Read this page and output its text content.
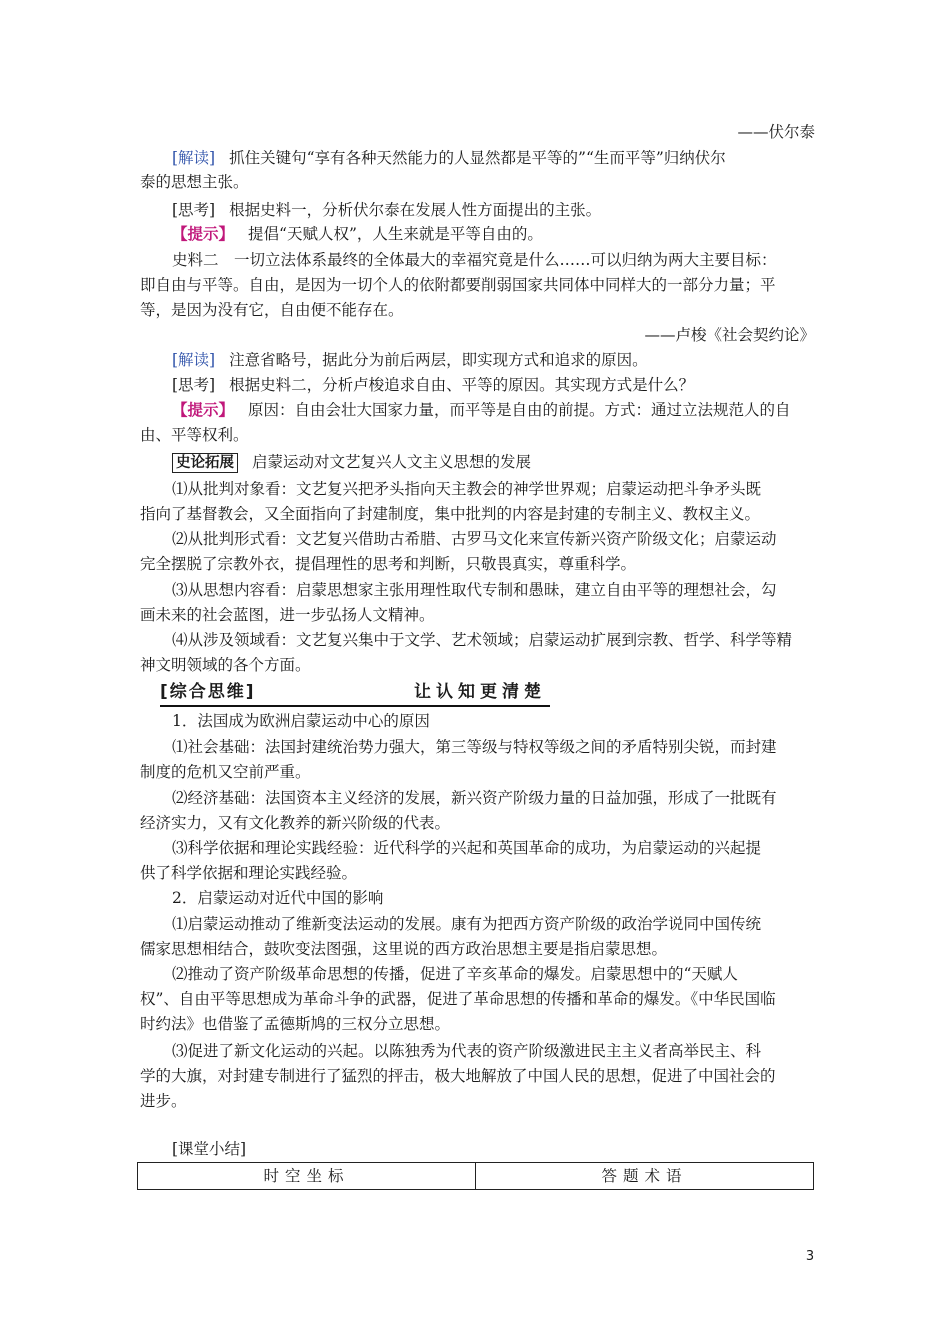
——伏尔泰
[解读] 抓住关键句“享有各种天然能力的人显然都是平等的”“生而平等”归纳伏尔
泰的思想主张。
[思考] 根据史料一，分析伏尔泰在发展人性方面提出的主张。
【提示】 提倡“天赋人权”，人生来就是平等自由的。
史料二　一切立法体系最终的全体最大的幸福究竟是什么……可以归纳为两大主要目标：
即自由与平等。自由，是因为一切个人的依附都要削弱国家共同体中同样大的一部分力量；平
等，是因为没有它，自由便不能存在。
——卢梭《社会契约论》
[解读] 注意省略号，据此分为前后两层，即实现方式和追求的原因。
[思考] 根据史料二，分析卢梭追求自由、平等的原因。其实现方式是什么？
【提示】 原因：自由会壮大国家力量，而平等是自由的前提。方式：通过立法规范人的自
由、平等权利。
史论拓展 启蒙运动对文艺复兴人文主义思想的发展
⑴从批判对象看：文艺复兴把矛头指向天主教会的神学世界观；启蒙运动把斗争矛头既
指向了基督教会，又全面指向了封建制度，集中批判的内容是封建的专制主义、教权主义。
⑵从批判形式看：文艺复兴借助古希腊、古罗马文化来宣传新兴资产阶级文化；启蒙运动
完全摆脱了宗教外衣，提倡理性的思考和判断，只敬畏真实，尊重科学。
⑶从思想内容看：启蒙思想家主张用理性取代专制和愚昧，建立自由平等的理想社会，勾
画未来的社会蓝图，进一步弘扬人文精神。
⑷从涉及领域看：文艺复兴集中于文学、艺术领域；启蒙运动扩展到宗教、哲学、科学等精
神文明领域的各个方面。
[综合思维]	让认知更清楚
1．法国成为欧洲启蒙运动中心的原因
⑴社会基础：法国封建统治势力强大，第三等级与特权等级之间的矛盾特别尖锐，而封建
制度的危机又空前严重。
⑵经济基础：法国资本主义经济的发展，新兴资产阶级力量的日益加强，形成了一批既有
经济实力，又有文化教养的新兴阶级的代表。
⑶科学依据和理论实践经验：近代科学的兴起和英国革命的成功，为启蒙运动的兴起提
供了科学依据和理论实践经验。
2．启蒙运动对近代中国的影响
⑴启蒙运动推动了维新变法运动的发展。康有为把西方资产阶级的政治学说同中国传统
儒家思想相结合，鼓吹变法图强，这里说的西方政治思想主要是指启蒙思想。
⑵推动了资产阶级革命思想的传播，促进了辛亥革命的爆发。启蒙思想中的“天赋人
权”、自由平等思想成为革命斗争的武器，促进了革命思想的传播和革命的爆发。《中华民国临
时约法》也借鉴了孟德斯鸠的三权分立思想。
⑶促进了新文化运动的兴起。以陈独秀为代表的资产阶级激进民主主义者高举民主、科
学的大旗，对封建专制进行了猛烈的抨击，极大地解放了中国人民的思想，促进了中国社会的
进步。
[课堂小结]
时空坐标	答题术语
3
